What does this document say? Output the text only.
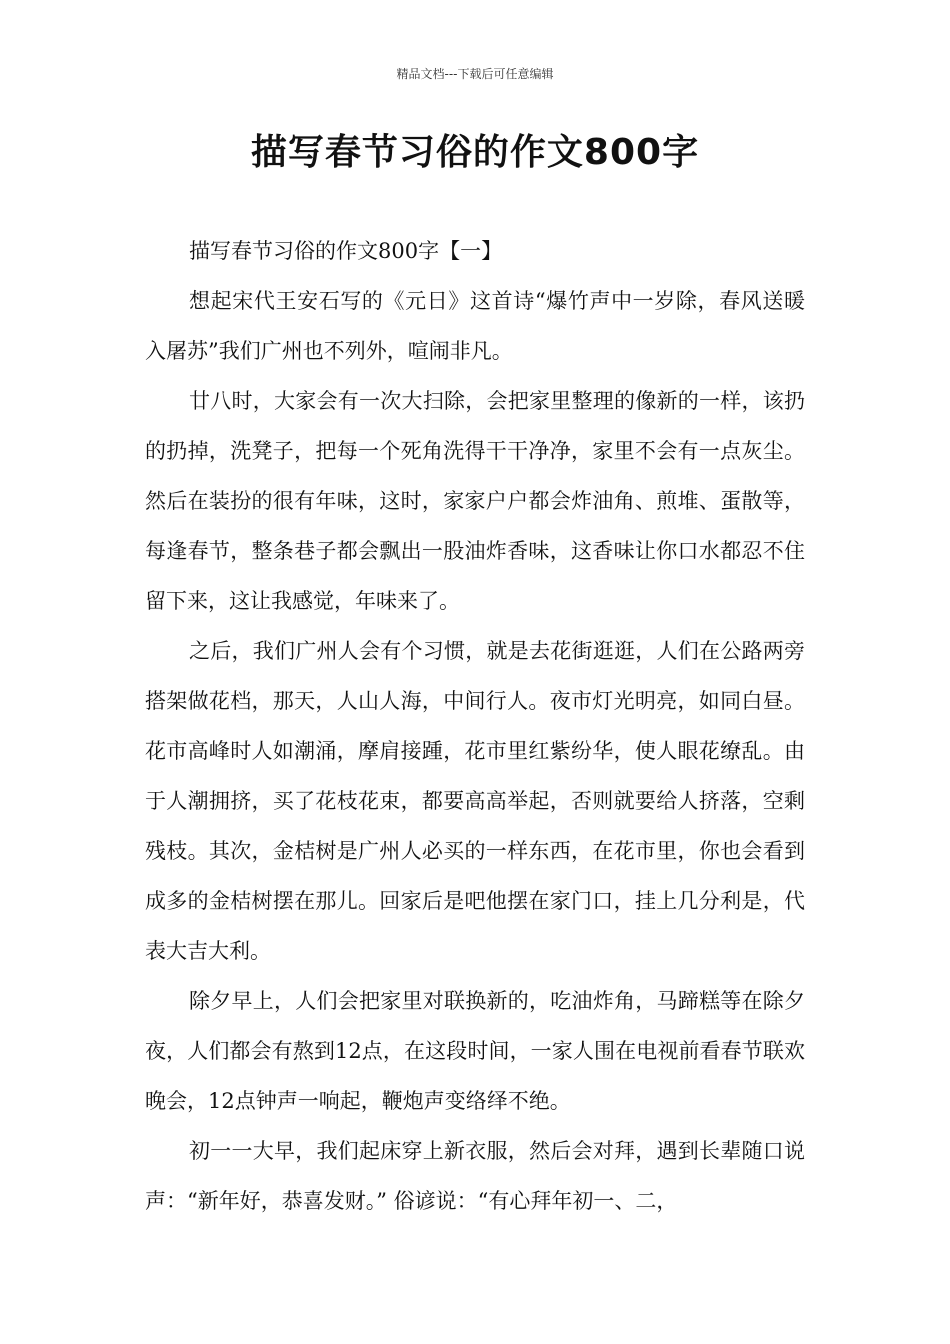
精品文档---下载后可任意编辑
描写春节习俗的作文800字

描写春节习俗的作文800字【一】

想起宋代王安石写的《元日》这首诗“爆竹声中一岁除，春风送暖入屠苏”我们广州也不列外，喧闹非凡。

廿八时，大家会有一次大扫除，会把家里整理的像新的一样，该扔的扔掉，洗凳子，把每一个死角洗得干干净净，家里不会有一点灰尘。然后在装扮的很有年味，这时，家家户户都会炸油角、煎堆、蛋散等，每逢春节，整条巷子都会飘出一股油炸香味，这香味让你口水都忍不住留下来，这让我感觉，年味来了。

之后，我们广州人会有个习惯，就是去花街逛逛，人们在公路两旁搭架做花档，那天，人山人海，中间行人。夜市灯光明亮，如同白昼。花市高峰时人如潮涌，摩肩接踵，花市里红紫纷华，使人眼花缭乱。由于人潮拥挤，买了花枝花束，都要高高举起，否则就要给人挤落，空剩残枝。其次，金桔树是广州人必买的一样东西，在花市里，你也会看到成多的金桔树摆在那儿。回家后是吧他摆在家门口，挂上几分利是，代表大吉大利。

除夕早上，人们会把家里对联换新的，吃油炸角，马蹄糕等在除夕夜，人们都会有熬到12点，在这段时间，一家人围在电视前看春节联欢晚会，12点钟声一响起，鞭炮声变络绎不绝。

初一一大早，我们起床穿上新衣服，然后会对拜，遇到长辈随口说声：“新年好，恭喜发财。” 俗谚说：“有心拜年初一、二，
